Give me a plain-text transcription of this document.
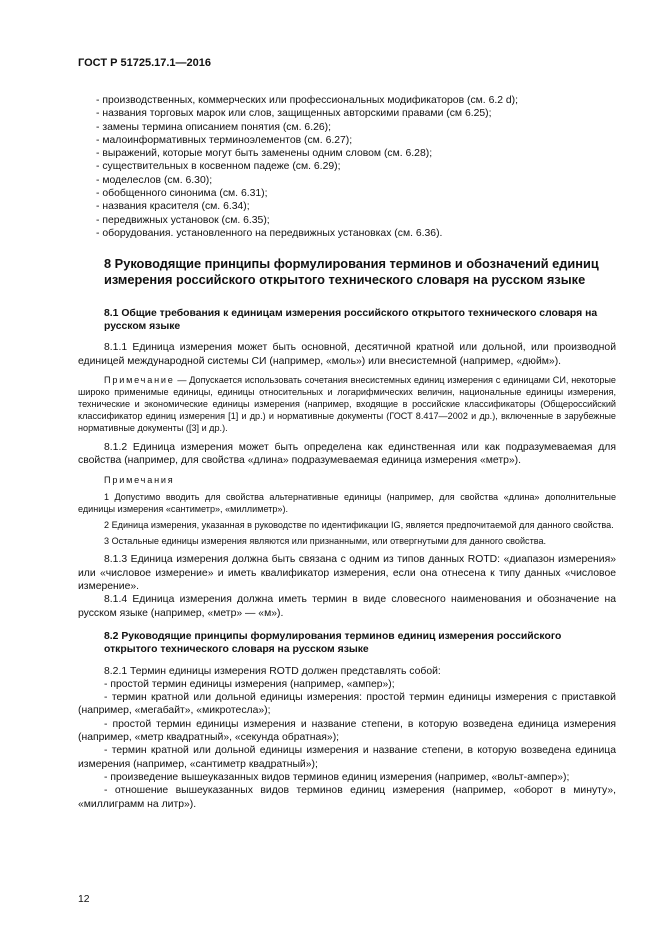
ГОСТ Р 51725.17.1—2016
- производственных, коммерческих или профессиональных модификаторов (см. 6.2 d);
- названия торговых марок или слов, защищенных авторскими правами (см 6.25);
- замены термина описанием понятия (см. 6.26);
- малоинформативных терминоэлементов (см. 6.27);
- выражений, которые могут быть заменены одним словом (см. 6.28);
- существительных в косвенном падеже (см. 6.29);
- моделеслов (см. 6.30);
- обобщенного синонима (см. 6.31);
- названия красителя (см. 6.34);
- передвижных установок (см. 6.35);
- оборудования. установленного на передвижных установках (см. 6.36).
8 Руководящие принципы формулирования терминов и обозначений единиц измерения российского открытого технического словаря на русском языке
8.1 Общие требования к единицам измерения российского открытого технического словаря на русском языке

8.1.1 Единица измерения может быть основной, десятичной кратной или дольной, или производной единицей международной системы СИ (например, «моль») или внесистемной (например, «дюйм»).

Примечание — Допускается использовать сочетания внесистемных единиц измерения с единицами СИ, некоторые широко применимые единицы, единицы относительных и логарифмических величин, национальные единицы измерения, технические и экономические единицы измерения (например, входящие в российские классификаторы (Общероссийский классификатор единиц измерения [1] и др.) и нормативные документы (ГОСТ 8.417—2002 и др.), включенные в зарубежные нормативные документы ([3] и др.).

8.1.2 Единица измерения может быть определена как единственная или как подразумеваемая для свойства (например, для свойства «длина» подразумеваемая единица измерения «метр»).

Примечания

1 Допустимо вводить для свойства альтернативные единицы (например, для свойства «длина» дополнительные единицы измерения «сантиметр», «миллиметр»).

2 Единица измерения, указанная в руководстве по идентификации IG, является предпочитаемой для данного свойства.

3 Остальные единицы измерения являются или признанными, или отвергнутыми для данного свойства.

8.1.3 Единица измерения должна быть связана с одним из типов данных ROTD: «диапазон измерения» или «числовое измерение» и иметь квалификатор измерения, если она отнесена к типу данных «числовое измерение».

8.1.4 Единица измерения должна иметь термин в виде словесного наименования и обозначение на русском языке (например, «метр» — «м»).

8.2 Руководящие принципы формулирования терминов единиц измерения российского открытого технического словаря на русском языке

8.2.1 Термин единицы измерения ROTD должен представлять собой:

- простой термин единицы измерения (например, «ампер»);

- термин кратной или дольной единицы измерения: простой термин единицы измерения с приставкой (например, «мегабайт», «микротесла»);

- простой термин единицы измерения и название степени, в которую возведена единица измерения (например, «метр квадратный», «секунда обратная»);

- термин кратной или дольной единицы измерения и название степени, в которую возведена единица измерения (например, «сантиметр квадратный»);

- произведение вышеуказанных видов терминов единиц измерения (например, «вольт-ампер»);

- отношение вышеуказанных видов терминов единиц измерения (например, «оборот в минуту», «миллиграмм на литр»).

12
